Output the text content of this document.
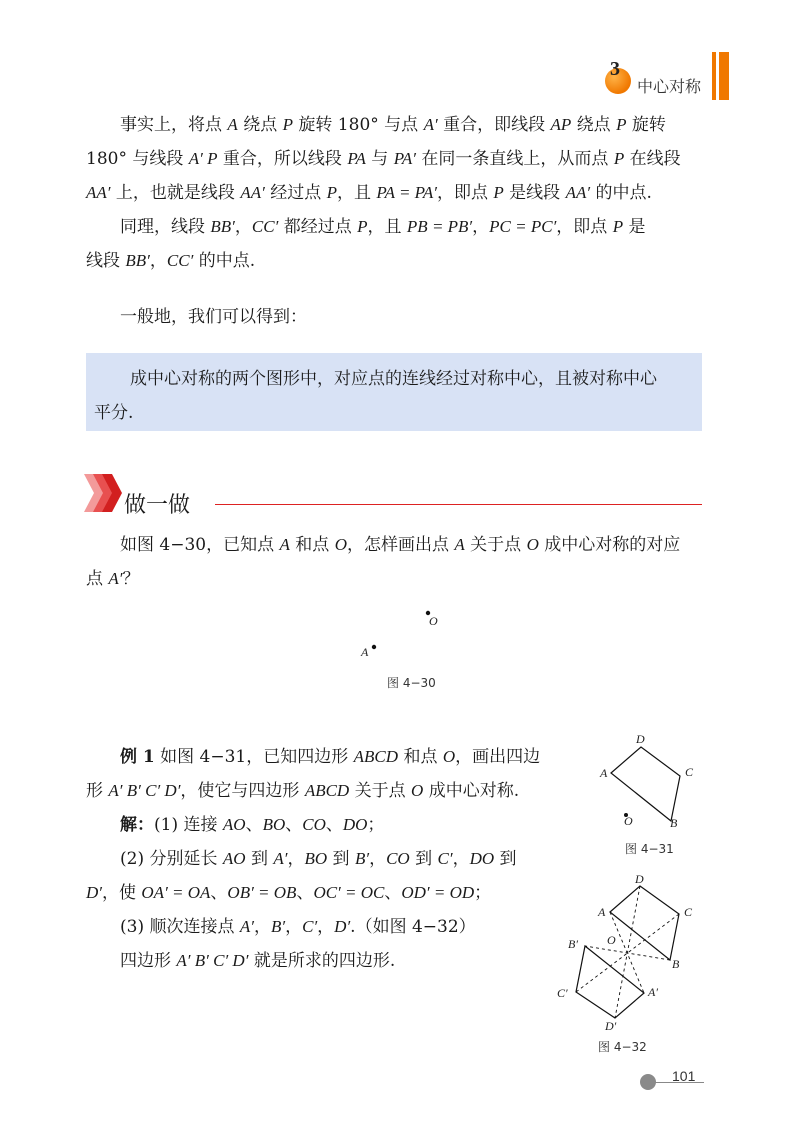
3
中心对称
事实上，将点 A 绕点 P 旋转 180° 与点 A′ 重合，即线段 AP 绕点 P 旋转
180° 与线段 A′ P 重合，所以线段 PA 与 PA′ 在同一条直线上，从而点 P 在线段
AA′ 上，也就是线段 AA′ 经过点 P，且 PA = PA′，即点 P 是线段 AA′ 的中点.
同理，线段 BB′，CC′ 都经过点 P，且 PB = PB′，PC = PC′，即点 P 是
线段 BB′，CC′ 的中点.
一般地，我们可以得到：
成中心对称的两个图形中，对应点的连线经过对称中心，且被对称中心
平分.
做一做
如图 4−30，已知点 A 和点 O，怎样画出点 A 关于点 O 成中心对称的对应
点 A′？
O
A
图 4−30
例 1 如图 4−31，已知四边形 ABCD 和点 O，画出四边
形 A′ B′ C′ D′，使它与四边形 ABCD 关于点 O 成中心对称.
解：(1) 连接 AO、BO、CO、DO；
(2) 分别延长 AO 到 A′，BO 到 B′，CO 到 C′，DO 到
D′，使 OA′ = OA、OB′ = OB、OC′ = OC、OD′ = OD；
(3) 顺次连接点 A′，B′，C′，D′.（如图 4−32）
四边形 A′ B′ C′ D′ 就是所求的四边形.
A
D
C
B
O
图 4−31
A
D
C
B
O
B′
A′
C′
D′
图 4−32
101
